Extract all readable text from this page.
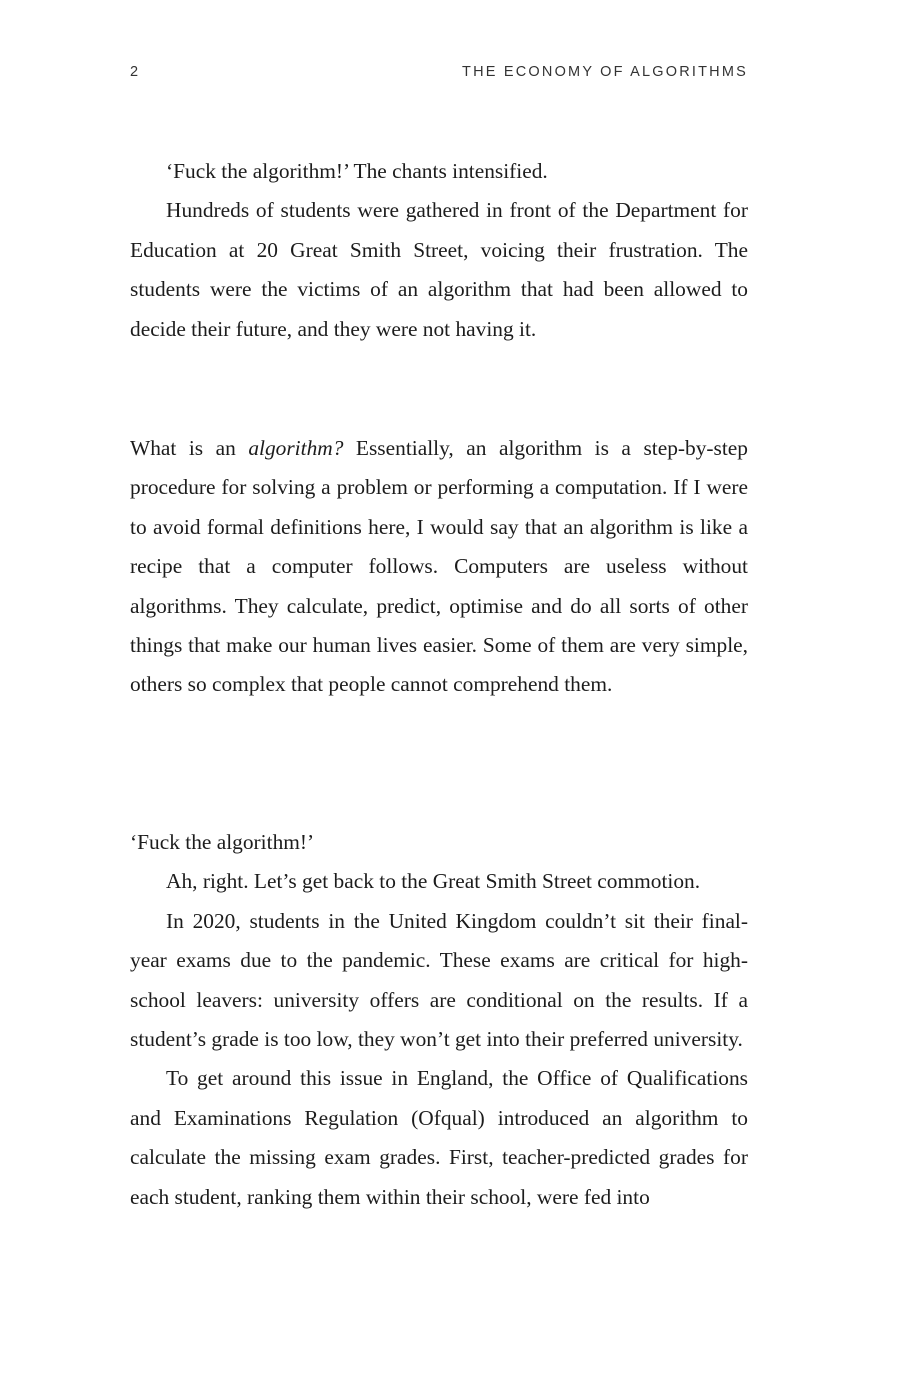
2	THE ECONOMY OF ALGORITHMS

‘Fuck the algorithm!’ The chants intensified.

Hundreds of students were gathered in front of the Department for Education at 20 Great Smith Street, voicing their frustration. The students were the victims of an algorithm that had been allowed to decide their future, and they were not having it.

What is an algorithm? Essentially, an algorithm is a step-by-step procedure for solving a problem or performing a computation. If I were to avoid formal definitions here, I would say that an algorithm is like a recipe that a computer follows. Computers are useless without algorithms. They calculate, predict, optimise and do all sorts of other things that make our human lives easier. Some of them are very simple, others so complex that people cannot comprehend them.

‘Fuck the algorithm!’

Ah, right. Let’s get back to the Great Smith Street commotion.

In 2020, students in the United Kingdom couldn’t sit their final-year exams due to the pandemic. These exams are critical for high-school leavers: university offers are conditional on the results. If a student’s grade is too low, they won’t get into their preferred university.

To get around this issue in England, the Office of Qualifications and Examinations Regulation (Ofqual) introduced an algorithm to calculate the missing exam grades. First, teacher-predicted grades for each student, ranking them within their school, were fed into
